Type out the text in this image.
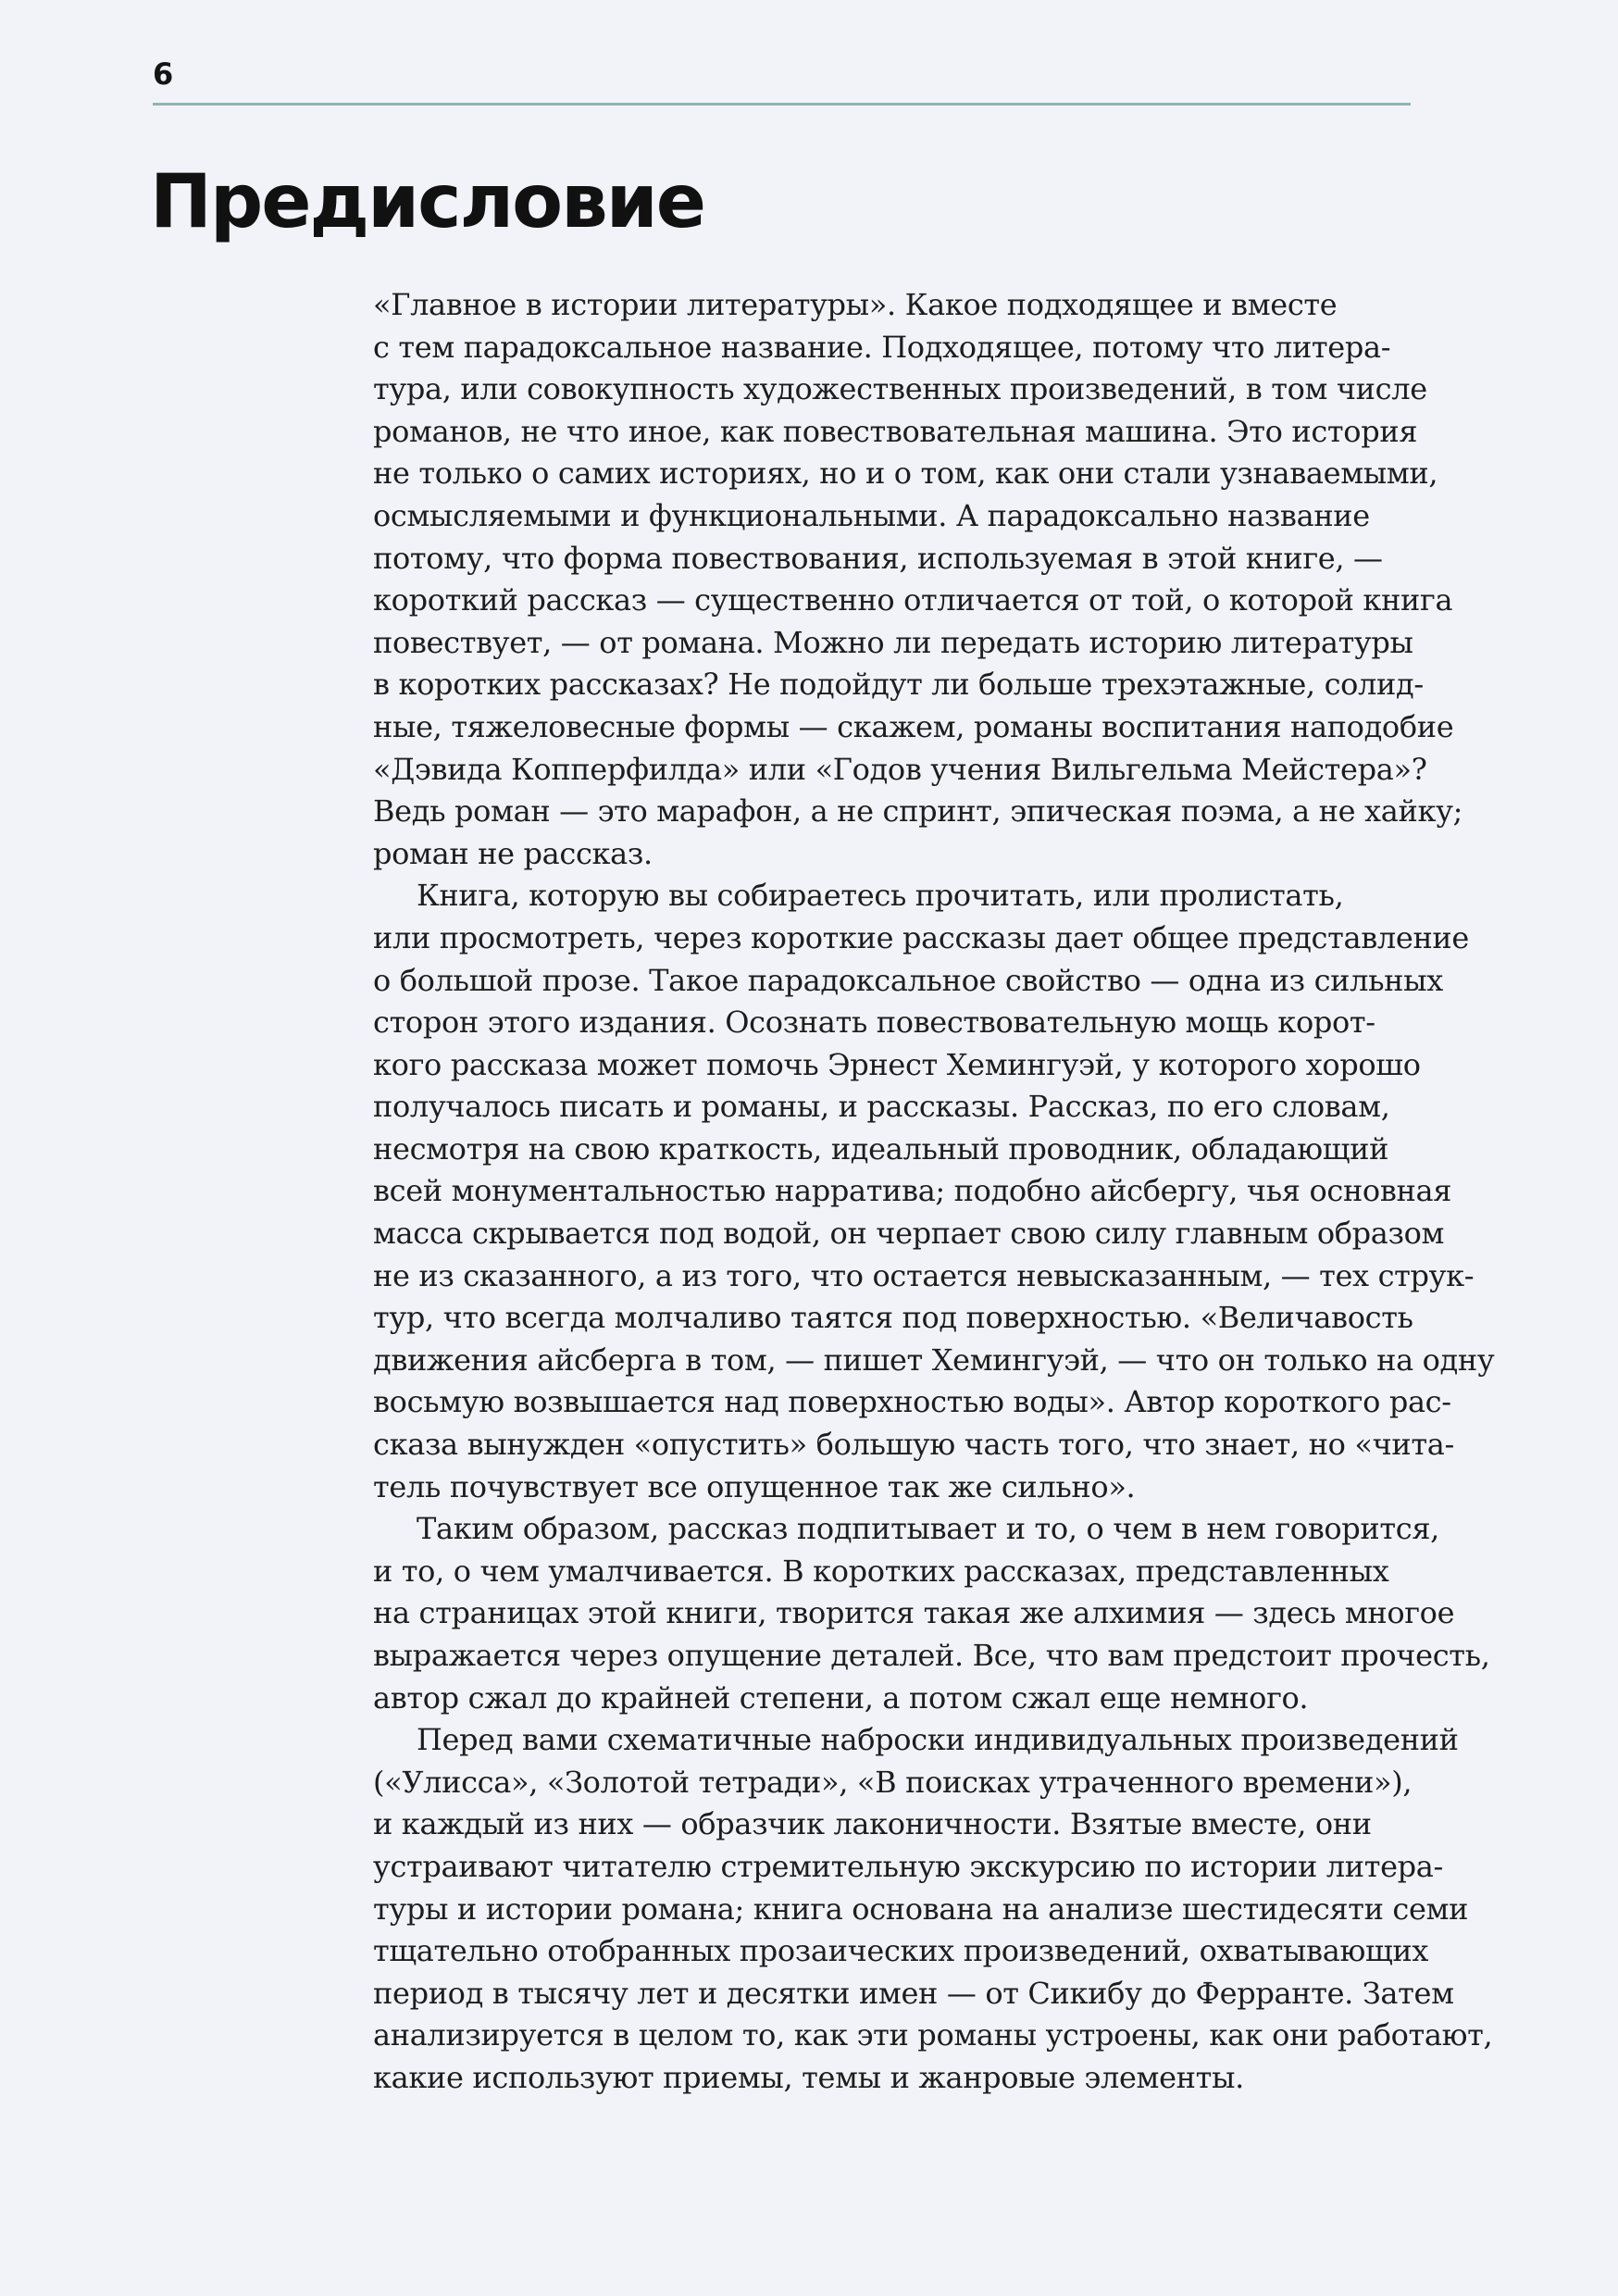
6
Предисловие

«Главное в истории литературы». Какое подходящее и вместе
с тем парадоксальное название. Подходящее, потому что литера-
тура, или совокупность художественных произведений, в том числе
романов, не что иное, как повествовательная машина. Это история
не только о самих историях, но и о том, как они стали узнаваемыми,
осмысляемыми и функциональными. А парадоксально название
потому, что форма повествования, используемая в этой книге, —
короткий рассказ — существенно отличается от той, о которой книга
повествует, — от романа. Можно ли передать историю литературы
в коротких рассказах? Не подойдут ли больше трехэтажные, солид-
ные, тяжеловесные формы — скажем, романы воспитания наподобие
«Дэвида Копперфилда» или «Годов учения Вильгельма Мейстера»?
Ведь роман — это марафон, а не спринт, эпическая поэма, а не хайку;
роман не рассказ.

Книга, которую вы собираетесь прочитать, или пролистать,
или просмотреть, через короткие рассказы дает общее представление
о большой прозе. Такое парадоксальное свойство — одна из сильных
сторон этого издания. Осознать повествовательную мощь корот-
кого рассказа может помочь Эрнест Хемингуэй, у которого хорошо
получалось писать и романы, и рассказы. Рассказ, по его словам,
несмотря на свою краткость, идеальный проводник, обладающий
всей монументальностью нарратива; подобно айсбергу, чья основная
масса скрывается под водой, он черпает свою силу главным образом
не из сказанного, а из того, что остается невысказанным, — тех струк-
тур, что всегда молчаливо таятся под поверхностью. «Величавость
движения айсберга в том, — пишет Хемингуэй, — что он только на одну
восьмую возвышается над поверхностью воды». Автор короткого рас-
сказа вынужден «опустить» большую часть того, что знает, но «чита-
тель почувствует все опущенное так же сильно».

Таким образом, рассказ подпитывает и то, о чем в нем говорится,
и то, о чем умалчивается. В коротких рассказах, представленных
на страницах этой книги, творится такая же алхимия — здесь многое
выражается через опущение деталей. Все, что вам предстоит прочесть,
автор сжал до крайней степени, а потом сжал еще немного.

Перед вами схематичные наброски индивидуальных произведений
(«Улисса», «Золотой тетради», «В поисках утраченного времени»),
и каждый из них — образчик лаконичности. Взятые вместе, они
устраивают читателю стремительную экскурсию по истории литера-
туры и истории романа; книга основана на анализе шестидесяти семи
тщательно отобранных прозаических произведений, охватывающих
период в тысячу лет и десятки имен — от Сикибу до Ферранте. Затем
анализируется в целом то, как эти романы устроены, как они работают,
какие используют приемы, темы и жанровые элементы.
